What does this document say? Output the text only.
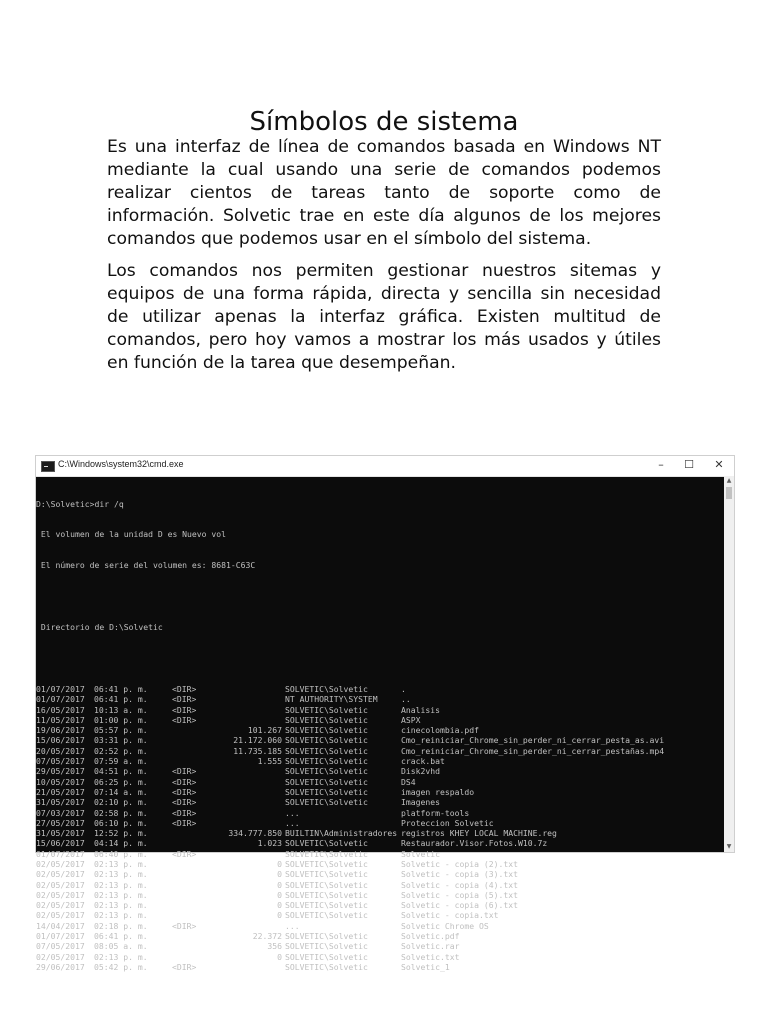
Símbolos de sistema

Es una interfaz de línea de comandos basada en Windows NT mediante la cual usando una serie de comandos podemos realizar cientos de tareas tanto de soporte como de información. Solvetic trae en este día algunos de los mejores comandos que podemos usar en el símbolo del sistema.

Los comandos nos permiten gestionar nuestros sitemas y equipos de una forma rápida, directa y sencilla sin necesidad de utilizar apenas la interfaz gráfica. Existen multitud de comandos, pero hoy vamos a mostrar los más usados y útiles en función de la tarea que desempeñan.

C:\Windows\system32\cmd.exe	–	☐	✕

D:\Solvetic>dir /q

El volumen de la unidad D es Nuevo vol

El número de serie del volumen es: 8681-C63C

Directorio de D:\Solvetic

01/07/2017 06:41 p. m.	<DIR>	SOLVETIC\Solvetic	.
01/07/2017 06:41 p. m.	<DIR>	NT AUTHORITY\SYSTEM	..
16/05/2017 10:13 a. m.	<DIR>	SOLVETIC\Solvetic	Analisis
11/05/2017 01:00 p. m.	<DIR>	SOLVETIC\Solvetic	ASPX
19/06/2017 05:57 p. m.	101.267 SOLVETIC\Solvetic	cinecolombia.pdf
15/06/2017 03:31 p. m.	21.172.060 SOLVETIC\Solvetic	Cmo_reiniciar_Chrome_sin_perder_ni_cerrar_pesta_as.avi
20/05/2017 02:52 p. m.	11.735.185 SOLVETIC\Solvetic	Cmo_reiniciar_Chrome_sin_perder_ni_cerrar_pestañas.mp4
07/05/2017 07:59 a. m.	1.555 SOLVETIC\Solvetic	crack.bat
29/05/2017 04:51 p. m.	<DIR>	SOLVETIC\Solvetic	Disk2vhd
10/05/2017 06:25 p. m.	<DIR>	SOLVETIC\Solvetic	DS4
21/05/2017 07:14 a. m.	<DIR>	SOLVETIC\Solvetic	imagen respaldo
31/05/2017 02:10 p. m.	<DIR>	SOLVETIC\Solvetic	Imagenes
07/03/2017 02:58 p. m.	<DIR>	...	platform-tools
27/05/2017 06:10 p. m.	<DIR>	...	Proteccion Solvetic
31/05/2017 12:52 p. m.	334.777.850 BUILTIN\Administradores registros KHEY LOCAL MACHINE.reg
15/06/2017 04:14 p. m.	1.023 SOLVETIC\Solvetic	Restaurador.Visor.Fotos.W10.7z
01/07/2017 06:40 p. m.	<DIR>	SOLVETIC\Solvetic	Solvetic
02/05/2017 02:13 p. m.	0 SOLVETIC\Solvetic	Solvetic - copia (2).txt
02/05/2017 02:13 p. m.	0 SOLVETIC\Solvetic	Solvetic - copia (3).txt
02/05/2017 02:13 p. m.	0 SOLVETIC\Solvetic	Solvetic - copia (4).txt
02/05/2017 02:13 p. m.	0 SOLVETIC\Solvetic	Solvetic - copia (5).txt
02/05/2017 02:13 p. m.	0 SOLVETIC\Solvetic	Solvetic - copia (6).txt
02/05/2017 02:13 p. m.	0 SOLVETIC\Solvetic	Solvetic - copia.txt
14/04/2017 02:18 p. m.	<DIR>	...	Solvetic Chrome OS
01/07/2017 06:41 p. m.	22.372 SOLVETIC\Solvetic	Solvetic.pdf
07/05/2017 08:05 a. m.	356 SOLVETIC\Solvetic	Solvetic.rar
02/05/2017 02:13 p. m.	0 SOLVETIC\Solvetic	Solvetic.txt
29/06/2017 05:42 p. m.	<DIR>	SOLVETIC\Solvetic	Solvetic_1

▲
▼
